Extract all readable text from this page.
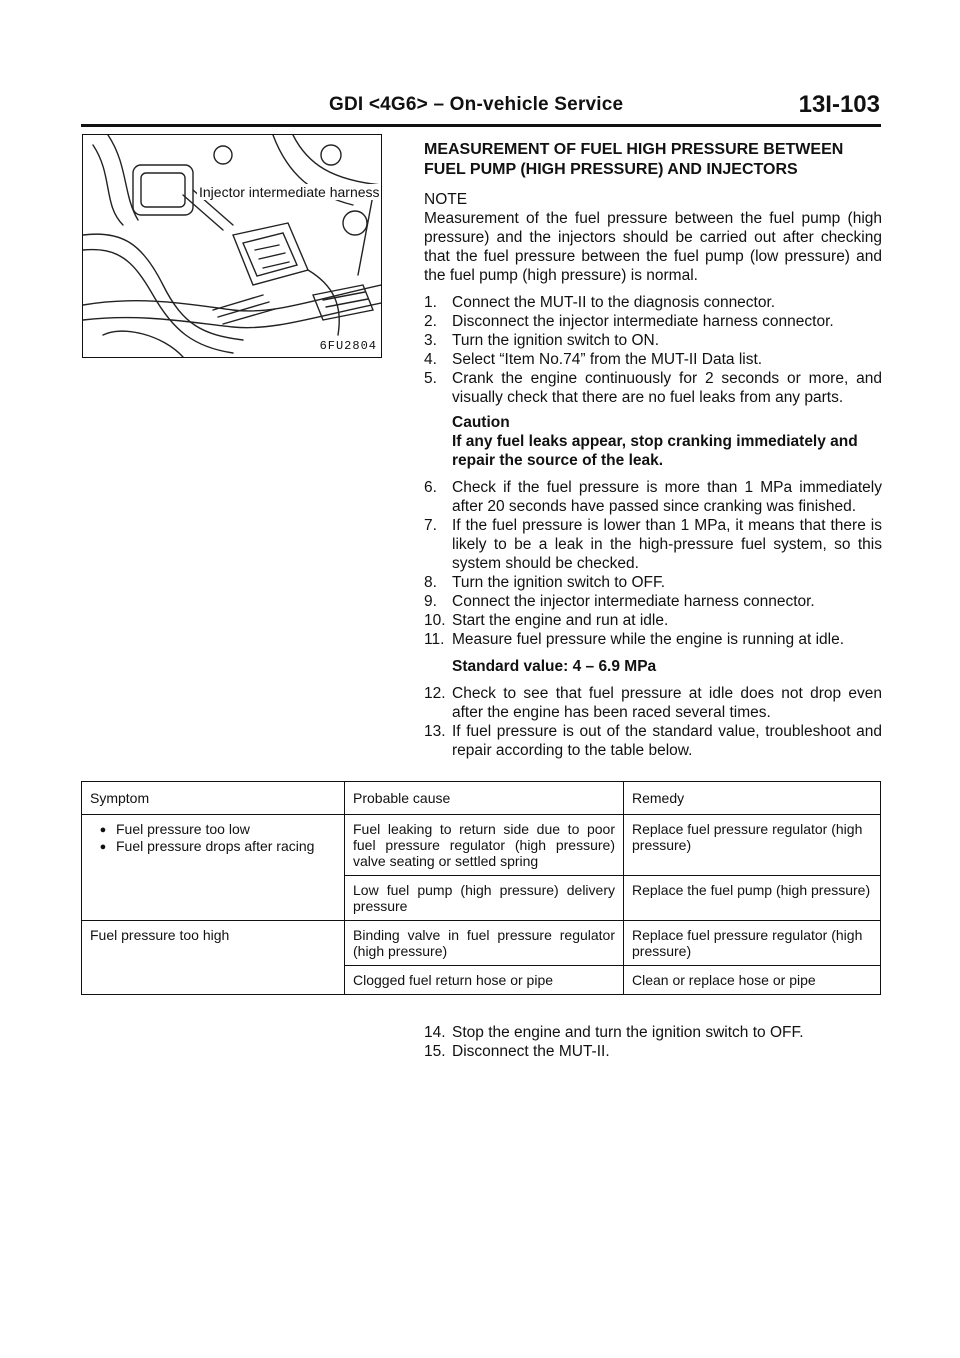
GDI <4G6> – On-vehicle Service	13I-103
Injector intermediate harness
6FU2804
MEASUREMENT OF FUEL HIGH PRESSURE BETWEEN
FUEL PUMP (HIGH PRESSURE) AND INJECTORS
NOTE
Measurement of the fuel pressure between the fuel pump (high pressure) and the injectors should be carried out after checking that the fuel pressure between the fuel pump (low pressure) and the fuel pump (high pressure) is normal.
1. Connect the MUT-II to the diagnosis connector.
2. Disconnect the injector intermediate harness connector.
3. Turn the ignition switch to ON.
4. Select “Item No.74” from the MUT-II Data list.
5. Crank the engine continuously for 2 seconds or more, and visually check that there are no fuel leaks from any parts.
Caution
If any fuel leaks appear, stop cranking immediately and repair the source of the leak.
6. Check if the fuel pressure is more than 1 MPa immediately after 20 seconds have passed since cranking was finished.
7. If the fuel pressure is lower than 1 MPa, it means that there is likely to be a leak in the high-pressure fuel system, so this system should be checked.
8. Turn the ignition switch to OFF.
9. Connect the injector intermediate harness connector.
10. Start the engine and run at idle.
11. Measure fuel pressure while the engine is running at idle.
Standard value: 4 – 6.9 MPa
12. Check to see that fuel pressure at idle does not drop even after the engine has been raced several times.
13. If fuel pressure is out of the standard value, troubleshoot and repair according to the table below.
Symptom	Probable cause	Remedy

● Fuel pressure too low
● Fuel pressure drops after racing	Fuel leaking to return side due to poor fuel pressure regulator (high pressure) valve seating or settled spring	Replace fuel pressure regulator (high pressure)
	Low fuel pump (high pressure) delivery pressure	Replace the fuel pump (high pressure)
Fuel pressure too high	Binding valve in fuel pressure regulator (high pressure)	Replace fuel pressure regulator (high pressure)
	Clogged fuel return hose or pipe	Clean or replace hose or pipe
14. Stop the engine and turn the ignition switch to OFF.
15. Disconnect the MUT-II.
